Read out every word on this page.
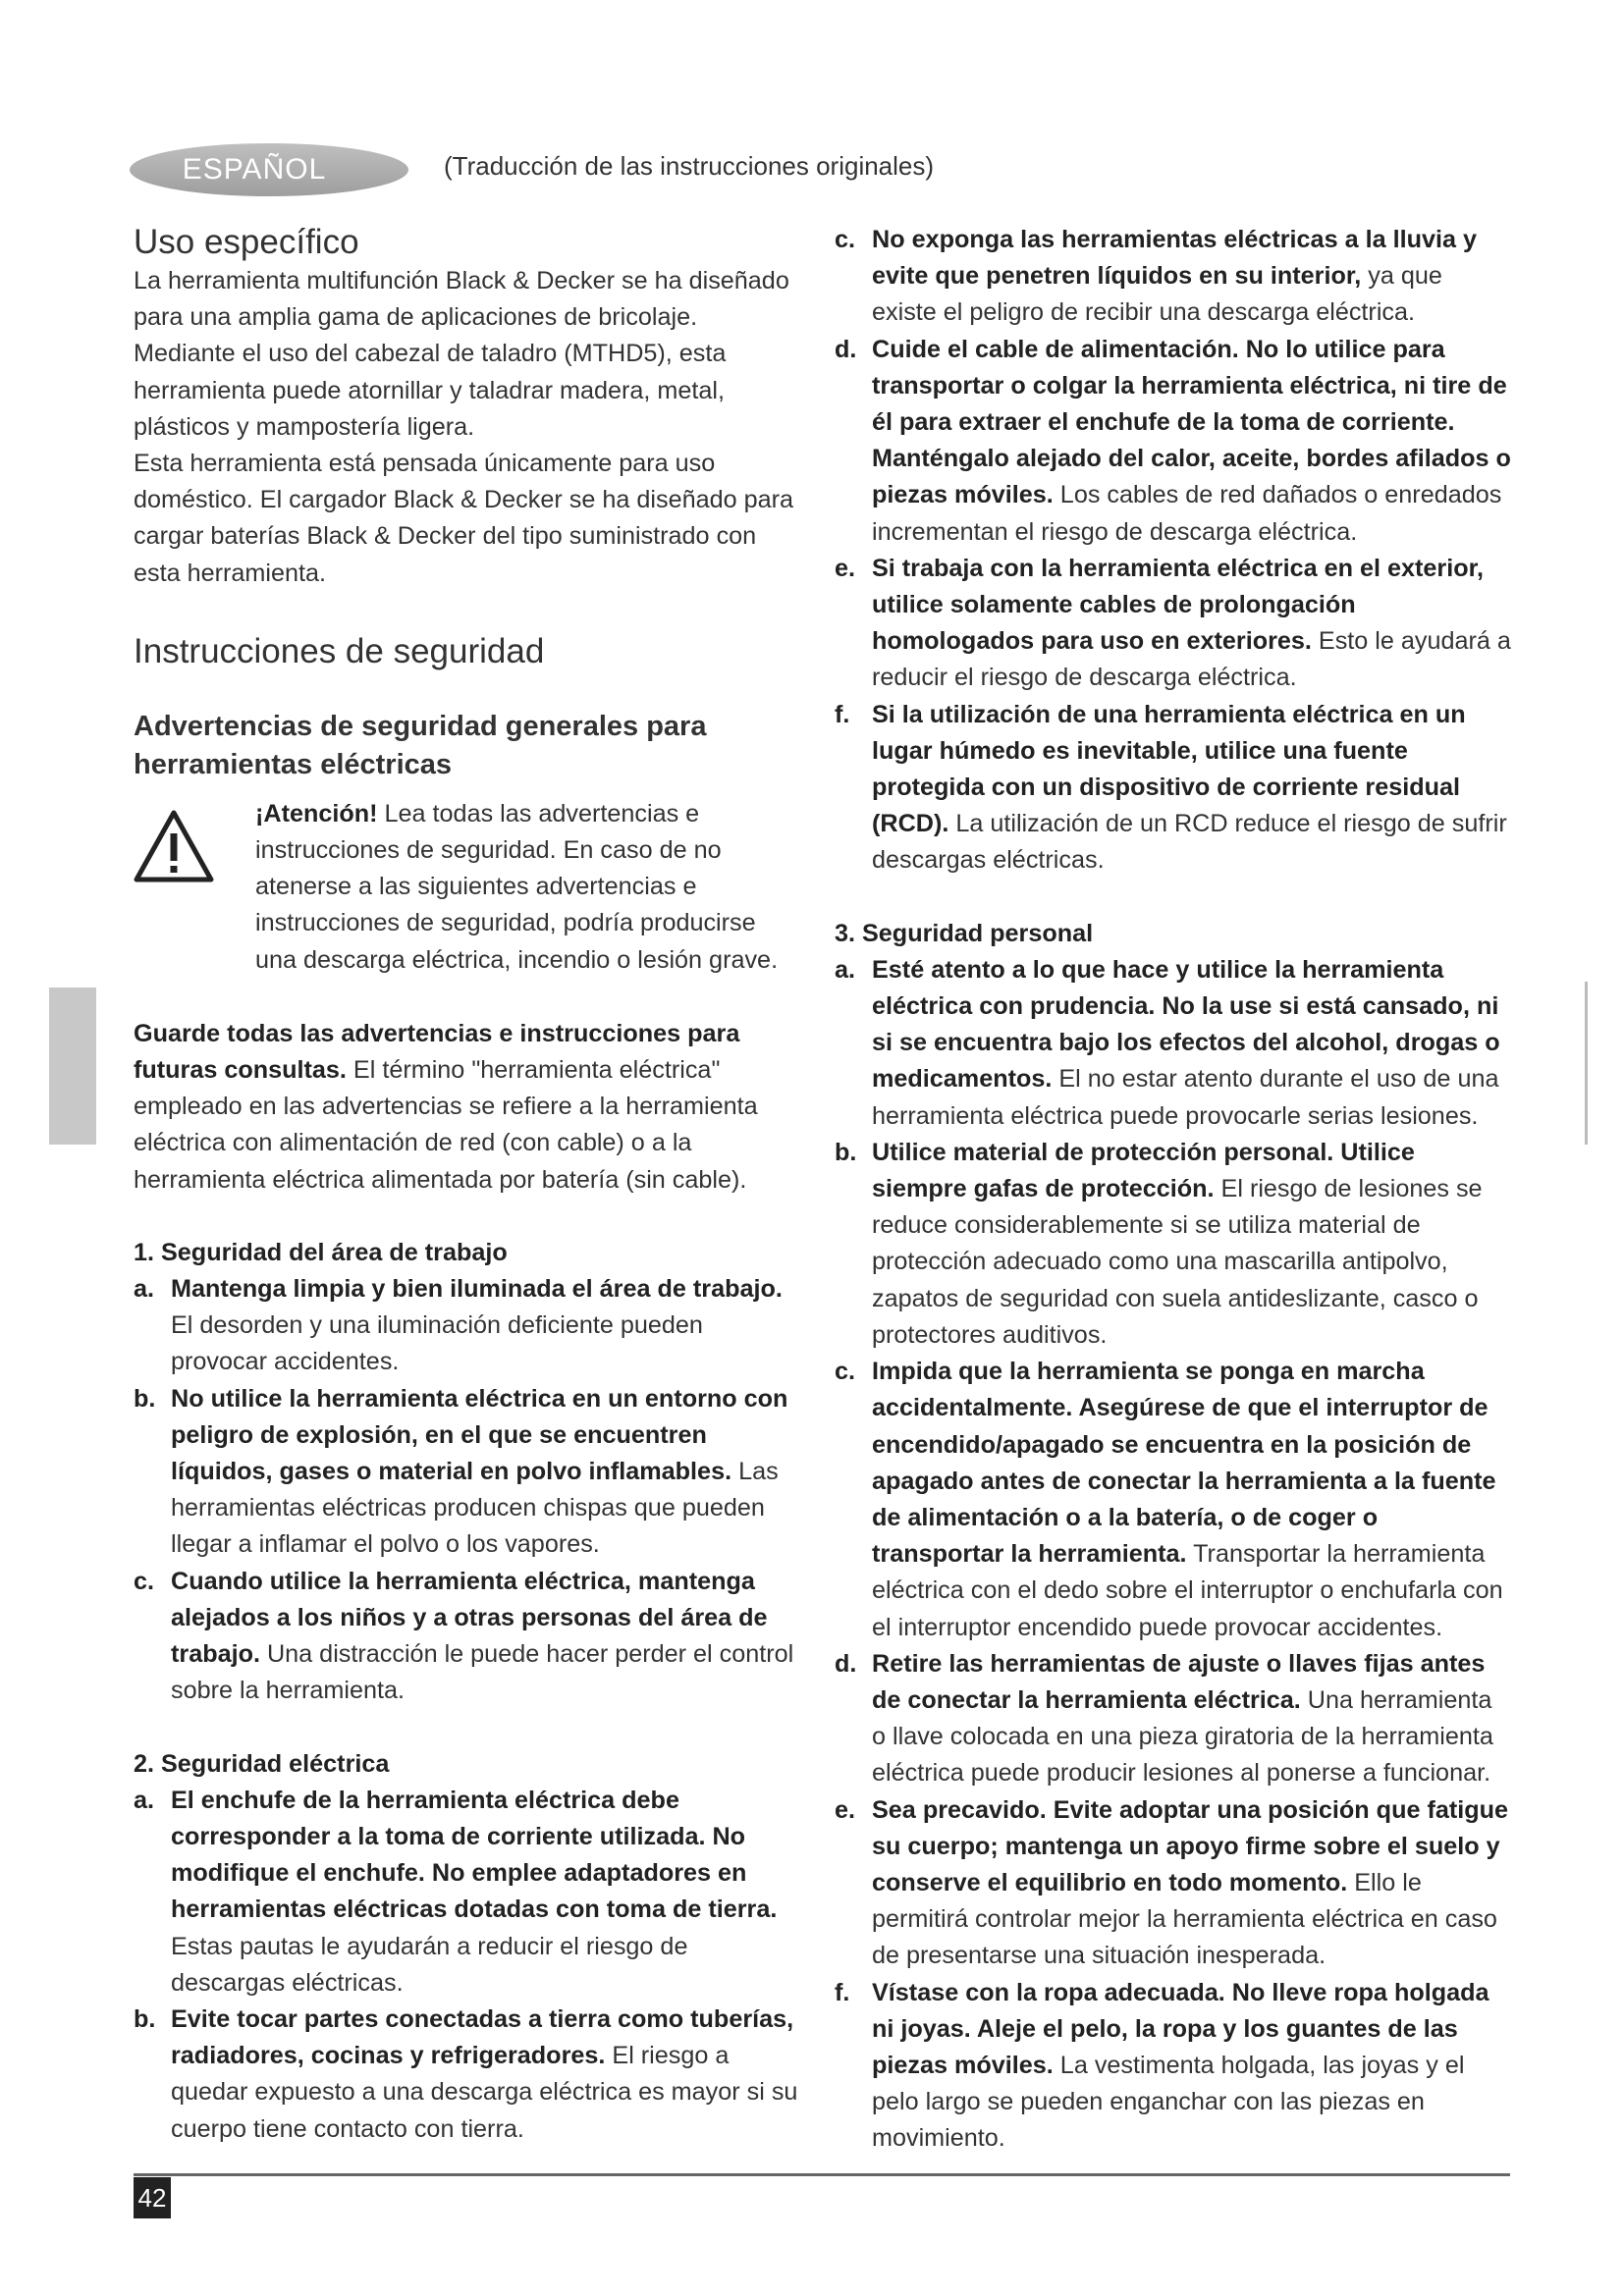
ESPAÑOL	(Traducción de las instrucciones originales)
Uso específico

La herramienta multifunción Black & Decker se ha diseñado para una amplia gama de aplicaciones de bricolaje. Mediante el uso del cabezal de taladro (MTHD5), esta herramienta puede atornillar y taladrar madera, metal, plásticos y mampostería ligera.

Esta herramienta está pensada únicamente para uso doméstico. El cargador Black & Decker se ha diseñado para cargar baterías Black & Decker del tipo suministrado con esta herramienta.

Instrucciones de seguridad
Advertencias de seguridad generales para herramientas eléctricas

¡Atención! Lea todas las advertencias e instrucciones de seguridad. En caso de no atenerse a las siguientes advertencias e instrucciones de seguridad, podría producirse una descarga eléctrica, incendio o lesión grave.

Guarde todas las advertencias e instrucciones para futuras consultas. El término "herramienta eléctrica" empleado en las advertencias se refiere a la herramienta eléctrica con alimentación de red (con cable) o a la herramienta eléctrica alimentada por batería (sin cable).

1. Seguridad del área de trabajo
a. Mantenga limpia y bien iluminada el área de trabajo. El desorden y una iluminación deficiente pueden provocar accidentes.
b. No utilice la herramienta eléctrica en un entorno con peligro de explosión, en el que se encuentren líquidos, gases o material en polvo inflamables. Las herramientas eléctricas producen chispas que pueden llegar a inflamar el polvo o los vapores.
c. Cuando utilice la herramienta eléctrica, mantenga alejados a los niños y a otras personas del área de trabajo. Una distracción le puede hacer perder el control sobre la herramienta.
2. Seguridad eléctrica
a. El enchufe de la herramienta eléctrica debe corresponder a la toma de corriente utilizada. No modifique el enchufe. No emplee adaptadores en herramientas eléctricas dotadas con toma de tierra. Estas pautas le ayudarán a reducir el riesgo de descargas eléctricas.
b. Evite tocar partes conectadas a tierra como tuberías, radiadores, cocinas y refrigeradores. El riesgo a quedar expuesto a una descarga eléctrica es mayor si su cuerpo tiene contacto con tierra.
c. No exponga las herramientas eléctricas a la lluvia y evite que penetren líquidos en su interior, ya que existe el peligro de recibir una descarga eléctrica.
d. Cuide el cable de alimentación. No lo utilice para transportar o colgar la herramienta eléctrica, ni tire de él para extraer el enchufe de la toma de corriente. Manténgalo alejado del calor, aceite, bordes afilados o piezas móviles. Los cables de red dañados o enredados incrementan el riesgo de descarga eléctrica.
e. Si trabaja con la herramienta eléctrica en el exterior, utilice solamente cables de prolongación homologados para uso en exteriores. Esto le ayudará a reducir el riesgo de descarga eléctrica.
f. Si la utilización de una herramienta eléctrica en un lugar húmedo es inevitable, utilice una fuente protegida con un dispositivo de corriente residual (RCD). La utilización de un RCD reduce el riesgo de sufrir descargas eléctricas.
3. Seguridad personal
a. Esté atento a lo que hace y utilice la herramienta eléctrica con prudencia. No la use si está cansado, ni si se encuentra bajo los efectos del alcohol, drogas o medicamentos. El no estar atento durante el uso de una herramienta eléctrica puede provocarle serias lesiones.
b. Utilice material de protección personal. Utilice siempre gafas de protección. El riesgo de lesiones se reduce considerablemente si se utiliza material de protección adecuado como una mascarilla antipolvo, zapatos de seguridad con suela antideslizante, casco o protectores auditivos.
c. Impida que la herramienta se ponga en marcha accidentalmente. Asegúrese de que el interruptor de encendido/apagado se encuentra en la posición de apagado antes de conectar la herramienta a la fuente de alimentación o a la batería, o de coger o transportar la herramienta. Transportar la herramienta eléctrica con el dedo sobre el interruptor o enchufarla con el interruptor encendido puede provocar accidentes.
d. Retire las herramientas de ajuste o llaves fijas antes de conectar la herramienta eléctrica. Una herramienta o llave colocada en una pieza giratoria de la herramienta eléctrica puede producir lesiones al ponerse a funcionar.
e. Sea precavido. Evite adoptar una posición que fatigue su cuerpo; mantenga un apoyo firme sobre el suelo y conserve el equilibrio en todo momento. Ello le permitirá controlar mejor la herramienta eléctrica en caso de presentarse una situación inesperada.
f. Vístase con la ropa adecuada. No lleve ropa holgada ni joyas. Aleje el pelo, la ropa y los guantes de las piezas móviles. La vestimenta holgada, las joyas y el pelo largo se pueden enganchar con las piezas en movimiento.
42
